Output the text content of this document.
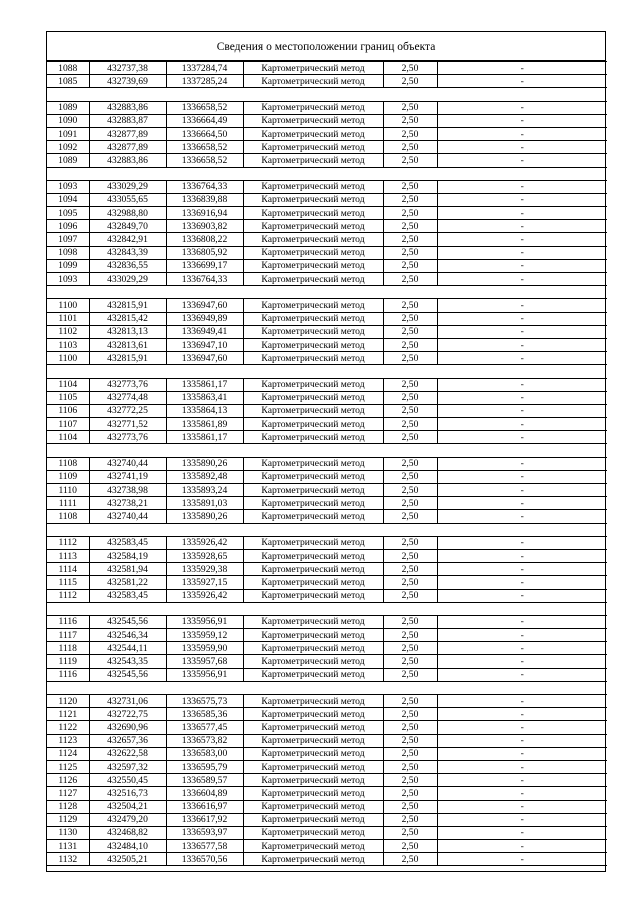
Сведения о местоположении границ объекта
1088	432737,38	1337284,74	Картометрический метод	2,50	-
1085	432739,69	1337285,24	Картометрический метод	2,50	-

1089	432883,86	1336658,52	Картометрический метод	2,50	-
1090	432883,87	1336664,49	Картометрический метод	2,50	-
1091	432877,89	1336664,50	Картометрический метод	2,50	-
1092	432877,89	1336658,52	Картометрический метод	2,50	-
1089	432883,86	1336658,52	Картометрический метод	2,50	-

1093	433029,29	1336764,33	Картометрический метод	2,50	-
1094	433055,65	1336839,88	Картометрический метод	2,50	-
1095	432988,80	1336916,94	Картометрический метод	2,50	-
1096	432849,70	1336903,82	Картометрический метод	2,50	-
1097	432842,91	1336808,22	Картометрический метод	2,50	-
1098	432843,39	1336805,92	Картометрический метод	2,50	-
1099	432836,55	1336699,17	Картометрический метод	2,50	-
1093	433029,29	1336764,33	Картометрический метод	2,50	-

1100	432815,91	1336947,60	Картометрический метод	2,50	-
1101	432815,42	1336949,89	Картометрический метод	2,50	-
1102	432813,13	1336949,41	Картометрический метод	2,50	-
1103	432813,61	1336947,10	Картометрический метод	2,50	-
1100	432815,91	1336947,60	Картометрический метод	2,50	-

1104	432773,76	1335861,17	Картометрический метод	2,50	-
1105	432774,48	1335863,41	Картометрический метод	2,50	-
1106	432772,25	1335864,13	Картометрический метод	2,50	-
1107	432771,52	1335861,89	Картометрический метод	2,50	-
1104	432773,76	1335861,17	Картометрический метод	2,50	-

1108	432740,44	1335890,26	Картометрический метод	2,50	-
1109	432741,19	1335892,48	Картометрический метод	2,50	-
1110	432738,98	1335893,24	Картометрический метод	2,50	-
1111	432738,21	1335891,03	Картометрический метод	2,50	-
1108	432740,44	1335890,26	Картометрический метод	2,50	-

1112	432583,45	1335926,42	Картометрический метод	2,50	-
1113	432584,19	1335928,65	Картометрический метод	2,50	-
1114	432581,94	1335929,38	Картометрический метод	2,50	-
1115	432581,22	1335927,15	Картометрический метод	2,50	-
1112	432583,45	1335926,42	Картометрический метод	2,50	-

1116	432545,56	1335956,91	Картометрический метод	2,50	-
1117	432546,34	1335959,12	Картометрический метод	2,50	-
1118	432544,11	1335959,90	Картометрический метод	2,50	-
1119	432543,35	1335957,68	Картометрический метод	2,50	-
1116	432545,56	1335956,91	Картометрический метод	2,50	-

1120	432731,06	1336575,73	Картометрический метод	2,50	-
1121	432722,75	1336585,36	Картометрический метод	2,50	-
1122	432690,96	1336577,45	Картометрический метод	2,50	-
1123	432657,36	1336573,82	Картометрический метод	2,50	-
1124	432622,58	1336583,00	Картометрический метод	2,50	-
1125	432597,32	1336595,79	Картометрический метод	2,50	-
1126	432550,45	1336589,57	Картометрический метод	2,50	-
1127	432516,73	1336604,89	Картометрический метод	2,50	-
1128	432504,21	1336616,97	Картометрический метод	2,50	-
1129	432479,20	1336617,92	Картометрический метод	2,50	-
1130	432468,82	1336593,97	Картометрический метод	2,50	-
1131	432484,10	1336577,58	Картометрический метод	2,50	-
1132	432505,21	1336570,56	Картометрический метод	2,50	-
